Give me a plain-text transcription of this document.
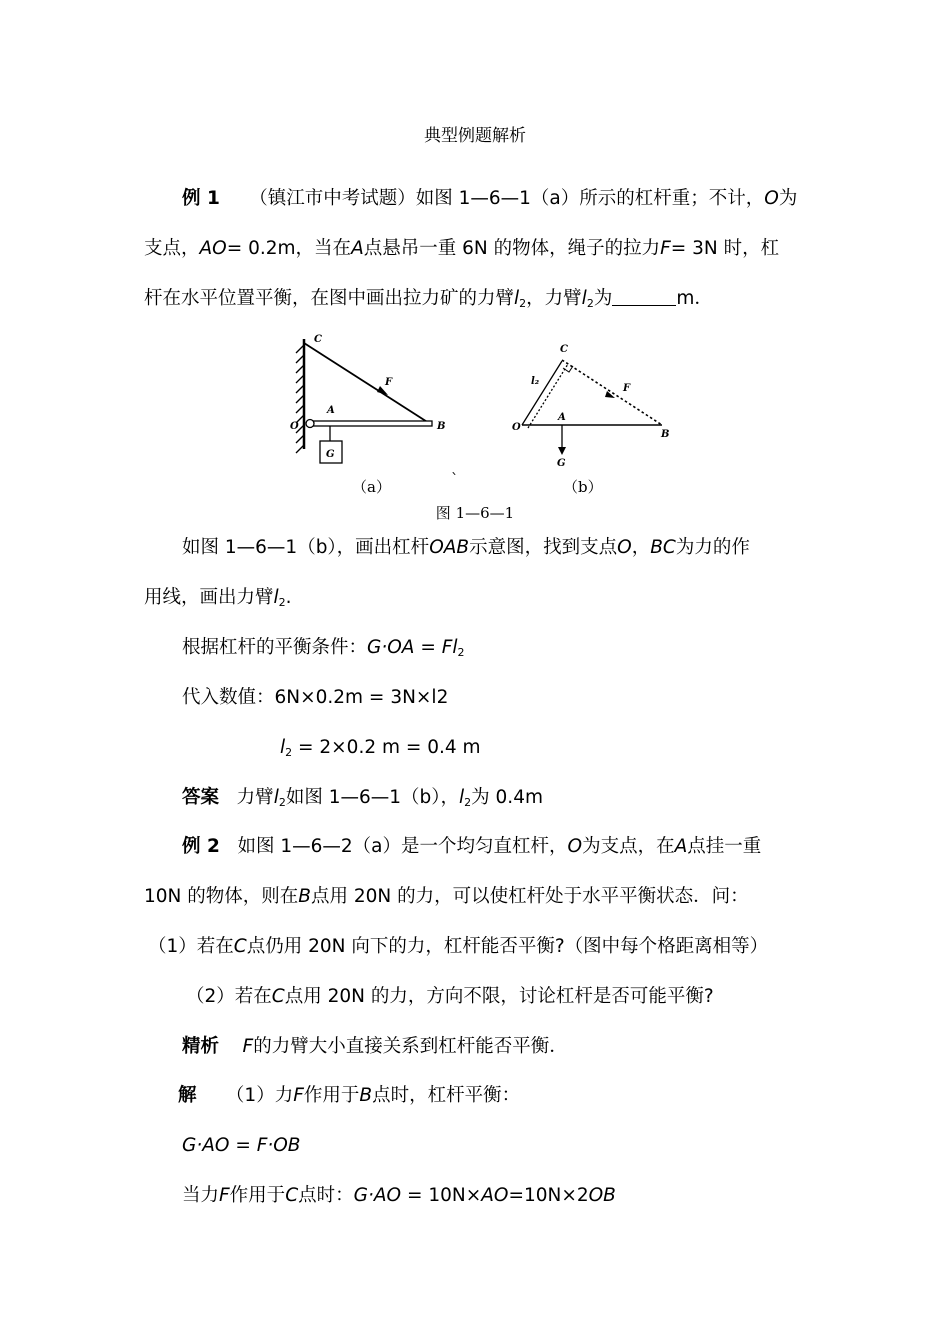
典型例题解析
例 1 （镇江市中考试题）如图 1—6—1（a）所示的杠杆重；不计，O为
支点，AO= 0.2m，当在A点悬吊一重 6N 的物体，绳子的拉力F= 3N 时，杠
杆在水平位置平衡，在图中画出拉力矿的力臂$l_2$，力臂$l_2$为	m．
C
F
A
O	B
G
C
l₂
F
A
O
B
G
（a）	`	（b）
图 1—6—1
如图 1—6—1（b），画出杠杆OAB示意图，找到支点O，BC为力的作
用线，画出力臂$l_2$.
根据杠杆的平衡条件：$G\cdot OA = Fl_2$
代入数值：6N×0.2m = 3N×l2
$l_2 = 2\times 0.2$ m = 0.4 m
答案 力臂$l_2$如图 1—6—1（b），$l_2$为 0.4m
例 2 如图 1—6—2（a）是一个均匀直杠杆，O为支点，在A点挂一重
10N 的物体，则在B点用 20N 的力，可以使杠杆处于水平平衡状态．问：
（1）若在C点仍用 20N 向下的力，杠杆能否平衡?（图中每个格距离相等）
（2）若在C点用 20N 的力，方向不限，讨论杠杆是否可能平衡?
精析 F的力臂大小直接关系到杠杆能否平衡．
解 （1）力F作用于B点时，杠杆平衡：
G·AO = F·OB
当力F作用于C点时：G·AO = 10N×AO=10N×2OB
